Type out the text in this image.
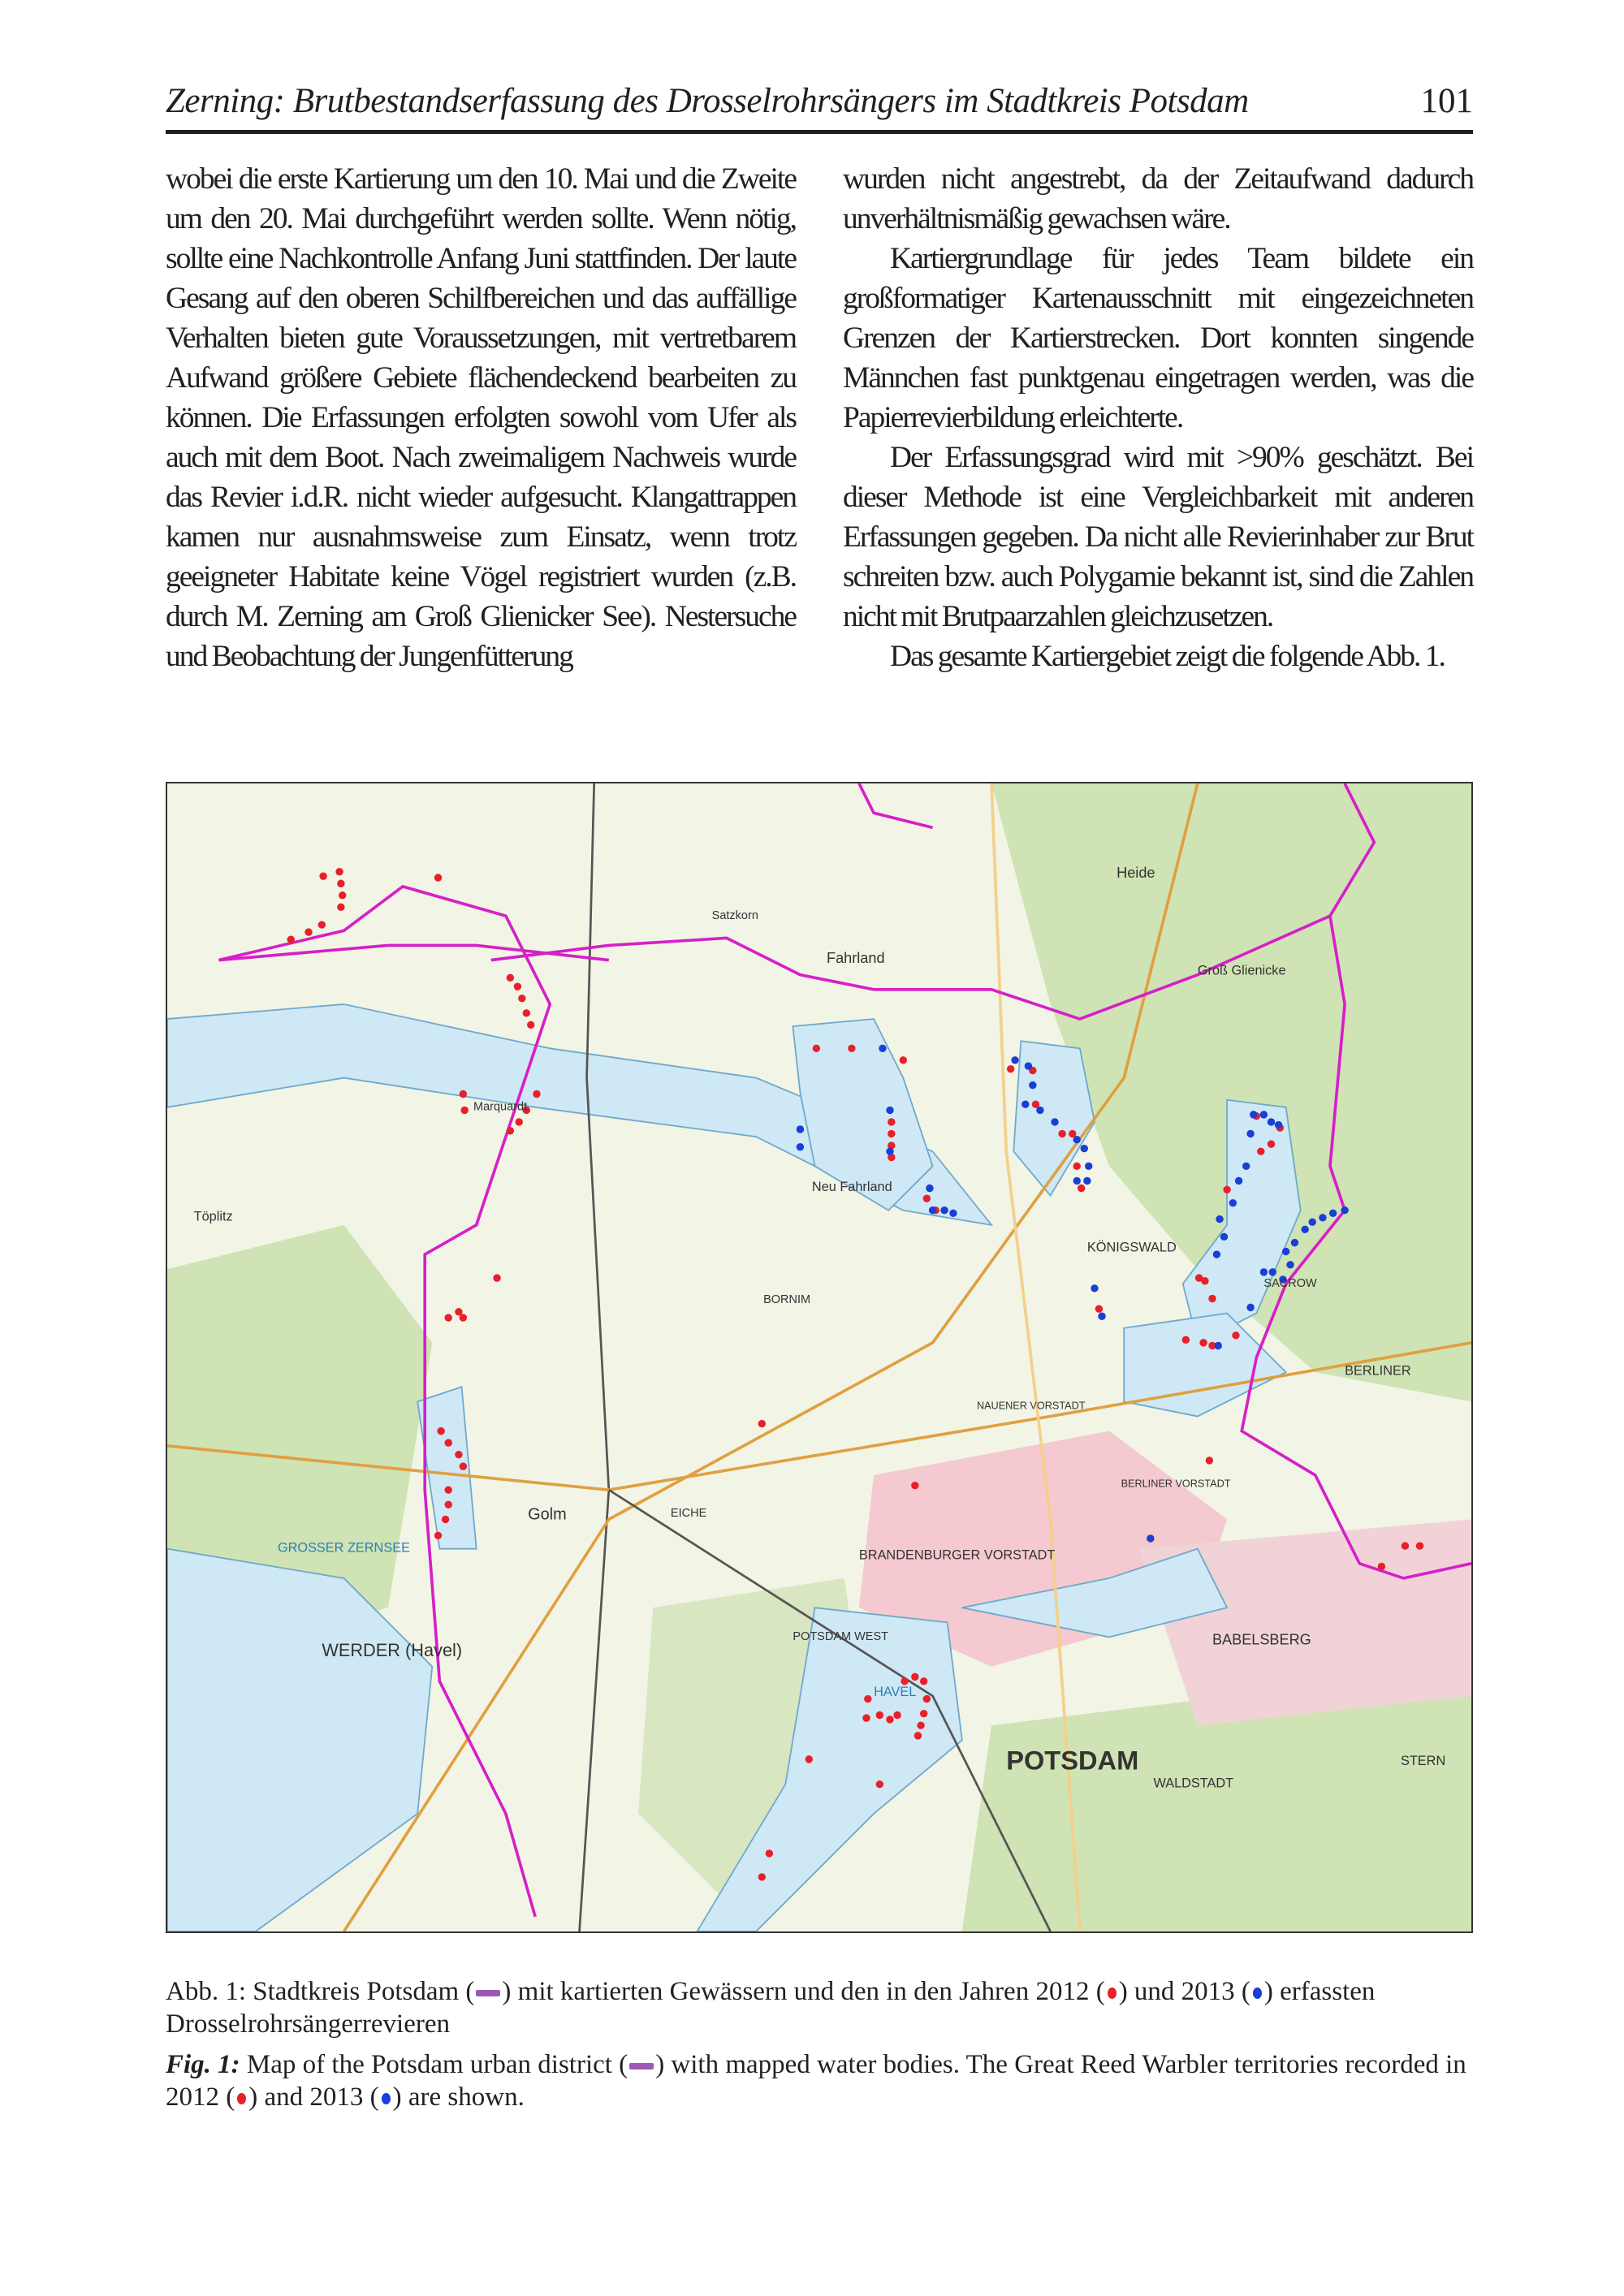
Zerning: Brutbestandserfassung des Drosselrohrsängers im Stadtkreis Potsdam	101

wobei die erste Kartierung um den 10. Mai und die Zweite um den 20. Mai durchgeführt werden sollte. Wenn nötig, sollte eine Nachkontrolle Anfang Juni stattfinden. Der laute Gesang auf den oberen Schilfbereichen und das auffällige Verhalten bieten gute Voraussetzungen, mit vertretbarem Aufwand größere Gebiete flächendeckend bearbeiten zu können. Die Erfassungen erfolgten sowohl vom Ufer als auch mit dem Boot. Nach zweimaligem Nachweis wurde das Revier i.d.R. nicht wieder aufgesucht. Klangattrappen kamen nur ausnahmsweise zum Einsatz, wenn trotz geeigneter Habitate keine Vögel registriert wurden (z.B. durch M. Zerning am Groß Glienicker See). Nestersuche und Beobachtung der Jungenfütterung

wurden nicht angestrebt, da der Zeitaufwand dadurch unverhältnismäßig gewachsen wäre.

Kartiergrundlage für jedes Team bildete ein großformatiger Kartenausschnitt mit eingezeichneten Grenzen der Kartierstrecken. Dort konnten singende Männchen fast punktgenau eingetragen werden, was die Papierrevierbildung erleichterte.

Der Erfassungsgrad wird mit >90% geschätzt. Bei dieser Methode ist eine Vergleichbarkeit mit anderen Erfassungen gegeben. Da nicht alle Revierinhaber zur Brut schreiten bzw. auch Polygamie bekannt ist, sind die Zahlen nicht mit Brutpaarzahlen gleichzusetzen.

Das gesamte Kartiergebiet zeigt die folgende Abb. 1.

POTSDAM
WERDER (Havel)
Golm
Fahrland
Neu Fahrland
Töplitz
Heide
Groß Glienicke
KÖNIGSWALD
BORNIM
EICHE
BABELSBERG
BRANDENBURGER VORSTADT
POTSDAM WEST
WALDSTADT
STERN
BERLINER VORSTADT
Marquardt
Satzkorn
SACROW
BERLINER
NAUENER VORSTADT
GROSSER ZERNSEE
HAVEL

Abb. 1: Stadtkreis Potsdam ( ) mit kartierten Gewässern und den in den Jahren 2012 ( ) und 2013 ( ) erfassten Drosselrohrsängerrevieren

Fig. 1: Map of the Potsdam urban district ( ) with mapped water bodies. The Great Reed Warbler territories recorded in 2012 ( ) and 2013 ( ) are shown.
